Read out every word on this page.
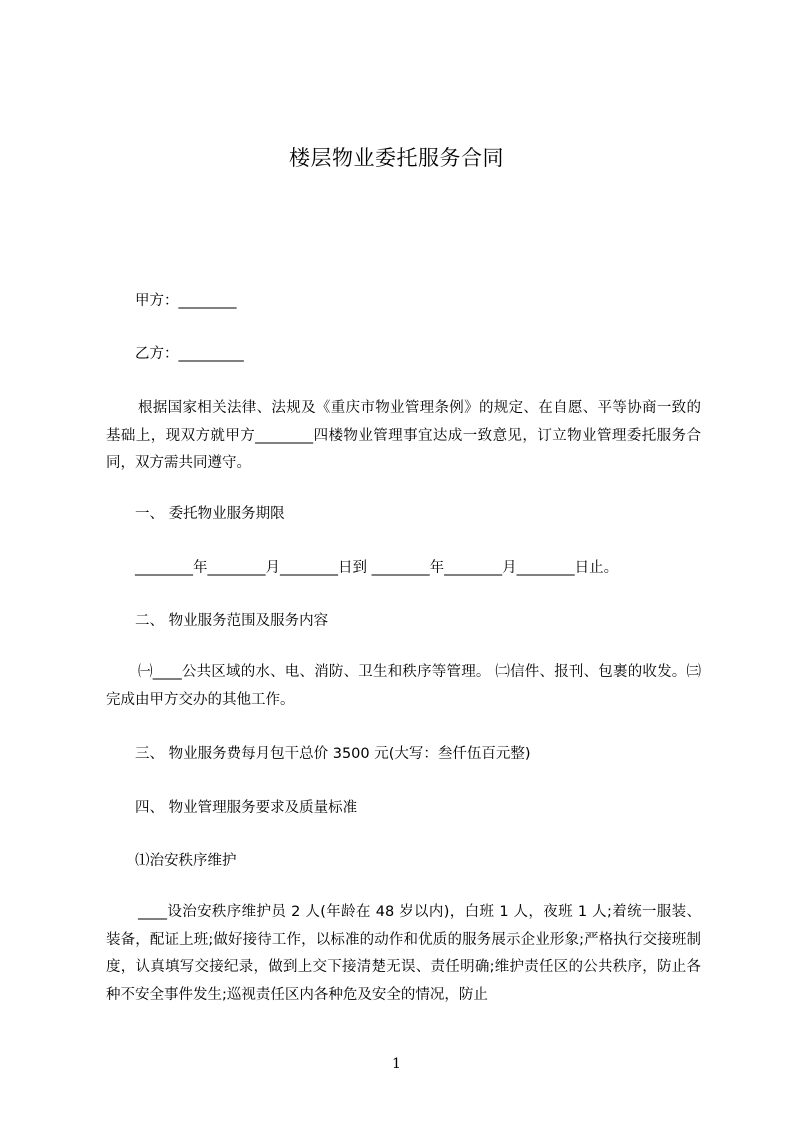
楼层物业委托服务合同
甲方：________
乙方：_________
根据国家相关法律、法规及《重庆市物业管理条例》的规定、在自愿、平等协商一致的基础上，现双方就甲方________四楼物业管理事宜达成一致意见，订立物业管理委托服务合同，双方需共同遵守。
一、 委托物业服务期限
________年________月________日到 ________年________月________日止。
二、 物业服务范围及服务内容
㈠____公共区域的水、电、消防、卫生和秩序等管理。 ㈡信件、报刊、包裹的收发。㈢完成由甲方交办的其他工作。
三、 物业服务费每月包干总价 3500 元(大写：叁仟伍百元整)
四、 物业管理服务要求及质量标准
⑴治安秩序维护
____设治安秩序维护员 2 人(年龄在 48 岁以内)，白班 1 人，夜班 1 人;着统一服装、装备，配证上班;做好接待工作，以标准的动作和优质的服务展示企业形象;严格执行交接班制度，认真填写交接纪录，做到上交下接清楚无误、责任明确;维护责任区的公共秩序，防止各种不安全事件发生;巡视责任区内各种危及安全的情况，防止
1
